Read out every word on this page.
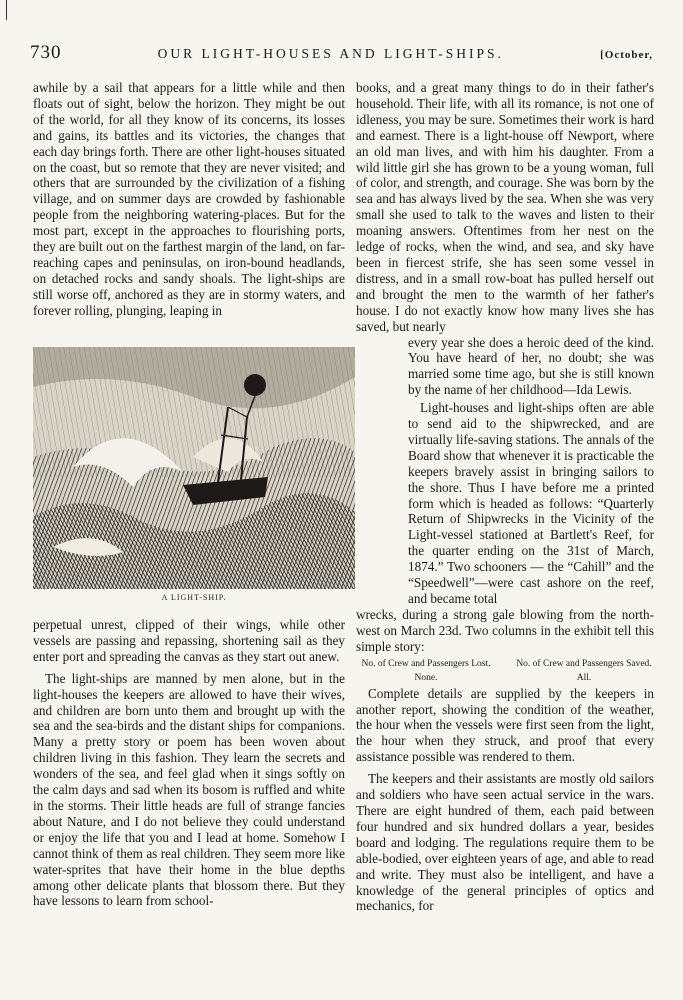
730	OUR LIGHT-HOUSES AND LIGHT-SHIPS.	[October,

awhile by a sail that appears for a little while and then floats out of sight, below the horizon. They might be out of the world, for all they know of its concerns, its losses and gains, its battles and its victories, the changes that each day brings forth. There are other light-houses situated on the coast, but so remote that they are never visited; and others that are surrounded by the civilization of a fishing village, and on summer days are crowded by fashionable people from the neighboring watering-places. But for the most part, except in the approaches to flourishing ports, they are built out on the farthest margin of the land, on far-reaching capes and peninsulas, on iron-bound headlands, on detached rocks and sandy shoals. The light-ships are still worse off, anchored as they are in stormy waters, and forever rolling, plunging, leaping in

A LIGHT-SHIP.

perpetual unrest, clipped of their wings, while other vessels are passing and repassing, shortening sail as they enter port and spreading the canvas as they start out anew.

The light-ships are manned by men alone, but in the light-houses the keepers are allowed to have their wives, and children are born unto them and brought up with the sea and the sea-birds and the distant ships for companions. Many a pretty story or poem has been woven about children living in this fashion. They learn the secrets and wonders of the sea, and feel glad when it sings softly on the calm days and sad when its bosom is ruffled and white in the storms. Their little heads are full of strange fancies about Nature, and I do not believe they could understand or enjoy the life that you and I lead at home. Somehow I cannot think of them as real children. They seem more like water-sprites that have their home in the blue depths among other delicate plants that blossom there. But they have lessons to learn from school-

books, and a great many things to do in their father's household. Their life, with all its romance, is not one of idleness, you may be sure. Sometimes their work is hard and earnest. There is a light-house off Newport, where an old man lives, and with him his daughter. From a wild little girl she has grown to be a young woman, full of color, and strength, and courage. She was born by the sea and has always lived by the sea. When she was very small she used to talk to the waves and listen to their moaning answers. Oftentimes from her nest on the ledge of rocks, when the wind, and sea, and sky have been in fiercest strife, she has seen some vessel in distress, and in a small row-boat has pulled herself out and brought the men to the warmth of her father's house. I do not exactly know how many lives she has saved, but nearly

every year she does a heroic deed of the kind. You have heard of her, no doubt; she was married some time ago, but she is still known by the name of her childhood—Ida Lewis.

Light-houses and light-ships often are able to send aid to the shipwrecked, and are virtually life-saving stations. The annals of the Board show that whenever it is practicable the keepers bravely assist in bringing sailors to the shore. Thus I have before me a printed form which is headed as follows: “Quarterly Return of Shipwrecks in the Vicinity of the Light-vessel stationed at Bartlett's Reef, for the quarter ending on the 31st of March, 1874.” Two schooners — the “Cahill” and the “Speedwell”—were cast ashore on the reef, and became total

wrecks, during a strong gale blowing from the north-west on March 23d. Two columns in the exhibit tell this simple story:

No. of Crew and Passengers Lost.
None.
No. of Crew and Passengers Saved.
All.

Complete details are supplied by the keepers in another report, showing the condition of the weather, the hour when the vessels were first seen from the light, the hour when they struck, and proof that every assistance possible was rendered to them.

The keepers and their assistants are mostly old sailors and soldiers who have seen actual service in the wars. There are eight hundred of them, each paid between four hundred and six hundred dollars a year, besides board and lodging. The regulations require them to be able-bodied, over eighteen years of age, and able to read and write. They must also be intelligent, and have a knowledge of the general principles of optics and mechanics, for
